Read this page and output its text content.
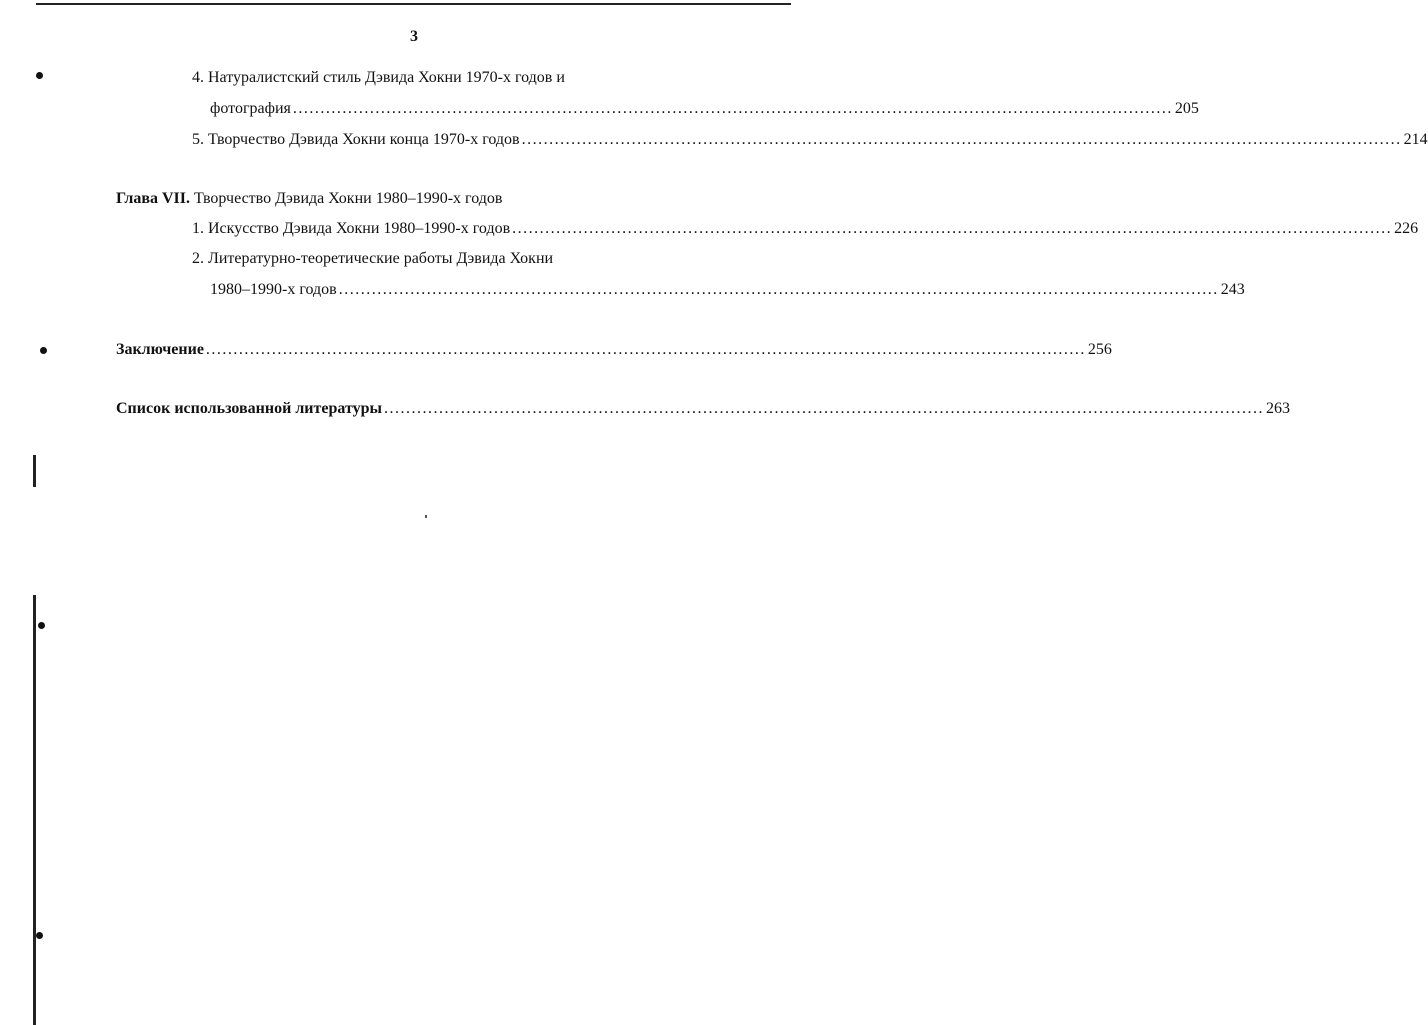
3
4. Натуралистский стиль Дэвида Хокни 1970-х годов и
фотография ................................................................................................................................................................ 205
5. Творчество Дэвида Хокни конца 1970-х годов ................................................................................................................................................................ 214
Глава VII. Творчество Дэвида Хокни 1980–1990-х годов
1. Искусство Дэвида Хокни 1980–1990-х годов ................................................................................................................................................................ 226
2. Литературно-теоретические работы Дэвида Хокни
1980–1990-х годов ................................................................................................................................................................ 243
Заключение ................................................................................................................................................................ 256
Список использованной литературы ................................................................................................................................................................ 263
